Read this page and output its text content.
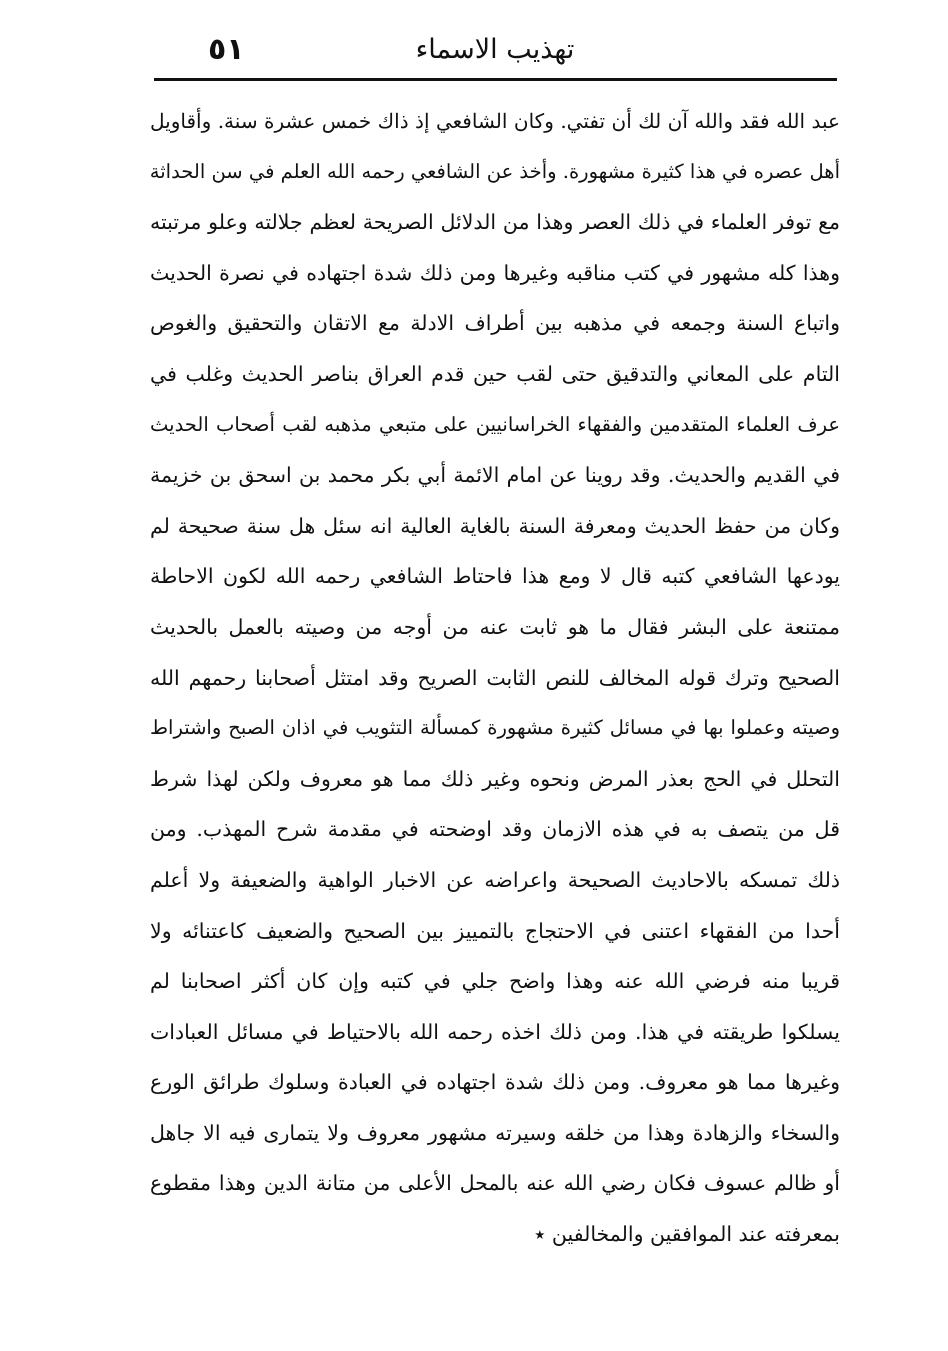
٥١	تهذيب الاسماء
عبد الله فقد والله آن لك أن تفتي. وكان الشافعي إذ ذاك خمس عشرة سنة. وأقاويل
أهل عصره في هذا كثيرة مشهورة. وأخذ عن الشافعي رحمه الله العلم في سن الحداثة
مع توفر العلماء في ذلك العصر وهذا من الدلائل الصريحة لعظم جلالته وعلو مرتبته
وهذا كله مشهور في كتب مناقبه وغيرها ومن ذلك شدة اجتهاده في نصرة الحديث
واتباع السنة وجمعه في مذهبه بين أطراف الادلة مع الاتقان والتحقيق والغوص
التام على المعاني والتدقيق حتى لقب حين قدم العراق بناصر الحديث وغلب في
عرف العلماء المتقدمين والفقهاء الخراسانيين على متبعي مذهبه لقب أصحاب الحديث
في القديم والحديث. وقد روينا عن امام الائمة أبي بكر محمد بن اسحق بن خزيمة
وكان من حفظ الحديث ومعرفة السنة بالغاية العالية انه سئل هل سنة صحيحة لم
يودعها الشافعي كتبه قال لا ومع هذا فاحتاط الشافعي رحمه الله لكون الاحاطة
ممتنعة على البشر فقال ما هو ثابت عنه من أوجه من وصيته بالعمل بالحديث
الصحيح وترك قوله المخالف للنص الثابت الصريح وقد امتثل أصحابنا رحمهم الله
وصيته وعملوا بها في مسائل كثيرة مشهورة كمسألة التثويب في اذان الصبح واشتراط
التحلل في الحج بعذر المرض ونحوه وغير ذلك مما هو معروف ولكن لهذا شرط
قل من يتصف به في هذه الازمان وقد اوضحته في مقدمة شرح المهذب. ومن
ذلك تمسكه بالاحاديث الصحيحة واعراضه عن الاخبار الواهية والضعيفة ولا أعلم
أحدا من الفقهاء اعتنى في الاحتجاج بالتمييز بين الصحيح والضعيف كاعتنائه ولا
قريبا منه فرضي الله عنه وهذا واضح جلي في كتبه وإن كان أكثر اصحابنا لم
يسلكوا طريقته في هذا. ومن ذلك اخذه رحمه الله بالاحتياط في مسائل العبادات
وغيرها مما هو معروف. ومن ذلك شدة اجتهاده في العبادة وسلوك طرائق الورع
والسخاء والزهادة وهذا من خلقه وسيرته مشهور معروف ولا يتمارى فيه الا جاهل
أو ظالم عسوف فكان رضي الله عنه بالمحل الأعلى من متانة الدين وهذا مقطوع
بمعرفته عند الموافقين والمخالفين ٭
